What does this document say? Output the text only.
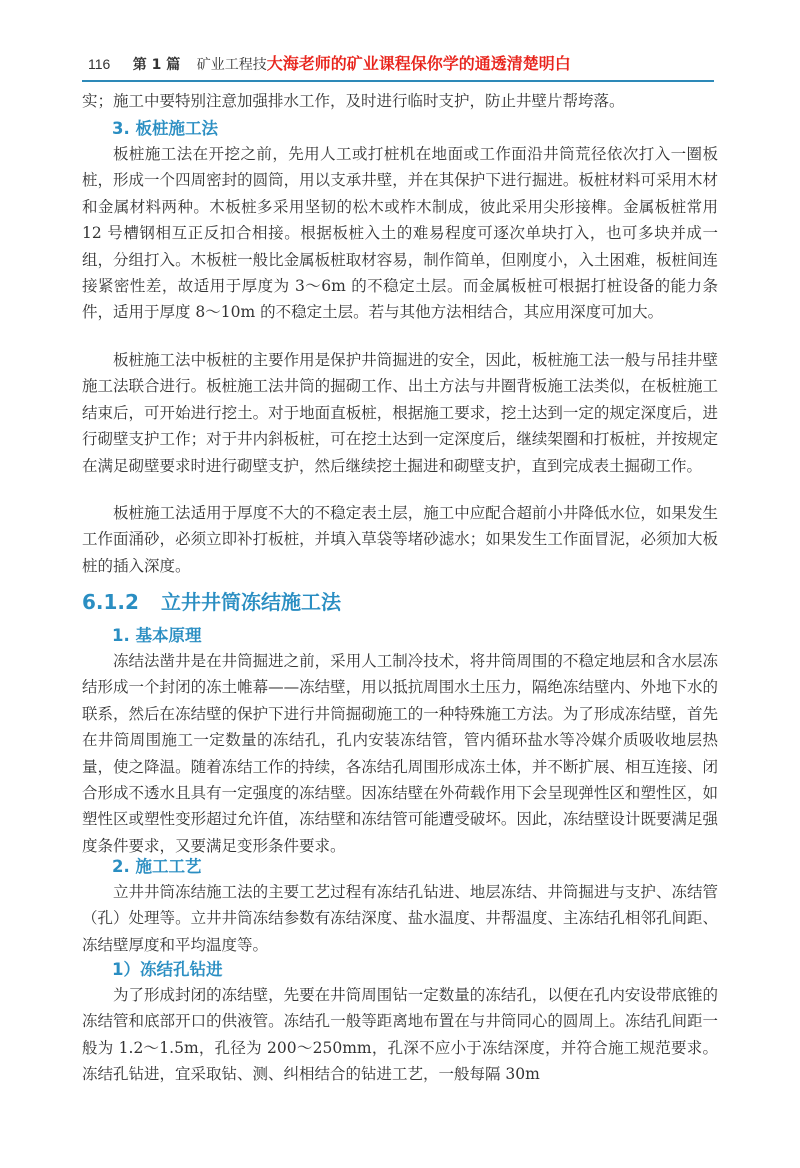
116 第 1 篇 矿业工程技大海老师的矿业课程保你学的通透清楚明白

实；施工中要特别注意加强排水工作，及时进行临时支护，防止井壁片帮垮落。

3. 板桩施工法

板桩施工法在开挖之前，先用人工或打桩机在地面或工作面沿井筒荒径依次打入一圈板桩，形成一个四周密封的圆筒，用以支承井壁，并在其保护下进行掘进。板桩材料可采用木材和金属材料两种。木板桩多采用坚韧的松木或柞木制成，彼此采用尖形接榫。金属板桩常用 12 号槽钢相互正反扣合相接。根据板桩入土的难易程度可逐次单块打入，也可多块并成一组，分组打入。木板桩一般比金属板桩取材容易，制作简单，但刚度小，入土困难，板桩间连接紧密性差，故适用于厚度为 3～6m 的不稳定土层。而金属板桩可根据打桩设备的能力条件，适用于厚度 8～10m 的不稳定土层。若与其他方法相结合，其应用深度可加大。

板桩施工法中板桩的主要作用是保护井筒掘进的安全，因此，板桩施工法一般与吊挂井壁施工法联合进行。板桩施工法井筒的掘砌工作、出土方法与井圈背板施工法类似，在板桩施工结束后，可开始进行挖土。对于地面直板桩，根据施工要求，挖土达到一定的规定深度后，进行砌壁支护工作；对于井内斜板桩，可在挖土达到一定深度后，继续架圈和打板桩，并按规定在满足砌壁要求时进行砌壁支护，然后继续挖土掘进和砌壁支护，直到完成表土掘砌工作。

板桩施工法适用于厚度不大的不稳定表土层，施工中应配合超前小井降低水位，如果发生工作面涌砂，必须立即补打板桩，并填入草袋等堵砂滤水；如果发生工作面冒泥，必须加大板桩的插入深度。

6.1.2 立井井筒冻结施工法
1. 基本原理

冻结法凿井是在井筒掘进之前，采用人工制冷技术，将井筒周围的不稳定地层和含水层冻结形成一个封闭的冻土帷幕——冻结壁，用以抵抗周围水土压力，隔绝冻结壁内、外地下水的联系，然后在冻结壁的保护下进行井筒掘砌施工的一种特殊施工方法。为了形成冻结壁，首先在井筒周围施工一定数量的冻结孔，孔内安装冻结管，管内循环盐水等冷媒介质吸收地层热量，使之降温。随着冻结工作的持续，各冻结孔周围形成冻土体，并不断扩展、相互连接、闭合形成不透水且具有一定强度的冻结壁。因冻结壁在外荷载作用下会呈现弹性区和塑性区，如塑性区或塑性变形超过允许值，冻结壁和冻结管可能遭受破坏。因此，冻结壁设计既要满足强度条件要求，又要满足变形条件要求。

2. 施工工艺

立井井筒冻结施工法的主要工艺过程有冻结孔钻进、地层冻结、井筒掘进与支护、冻结管（孔）处理等。立井井筒冻结参数有冻结深度、盐水温度、井帮温度、主冻结孔相邻孔间距、冻结壁厚度和平均温度等。

1）冻结孔钻进

为了形成封闭的冻结壁，先要在井筒周围钻一定数量的冻结孔，以便在孔内安设带底锥的冻结管和底部开口的供液管。冻结孔一般等距离地布置在与井筒同心的圆周上。冻结孔间距一般为 1.2～1.5m，孔径为 200～250mm，孔深不应小于冻结深度，并符合施工规范要求。冻结孔钻进，宜采取钻、测、纠相结合的钻进工艺，一般每隔 30m
